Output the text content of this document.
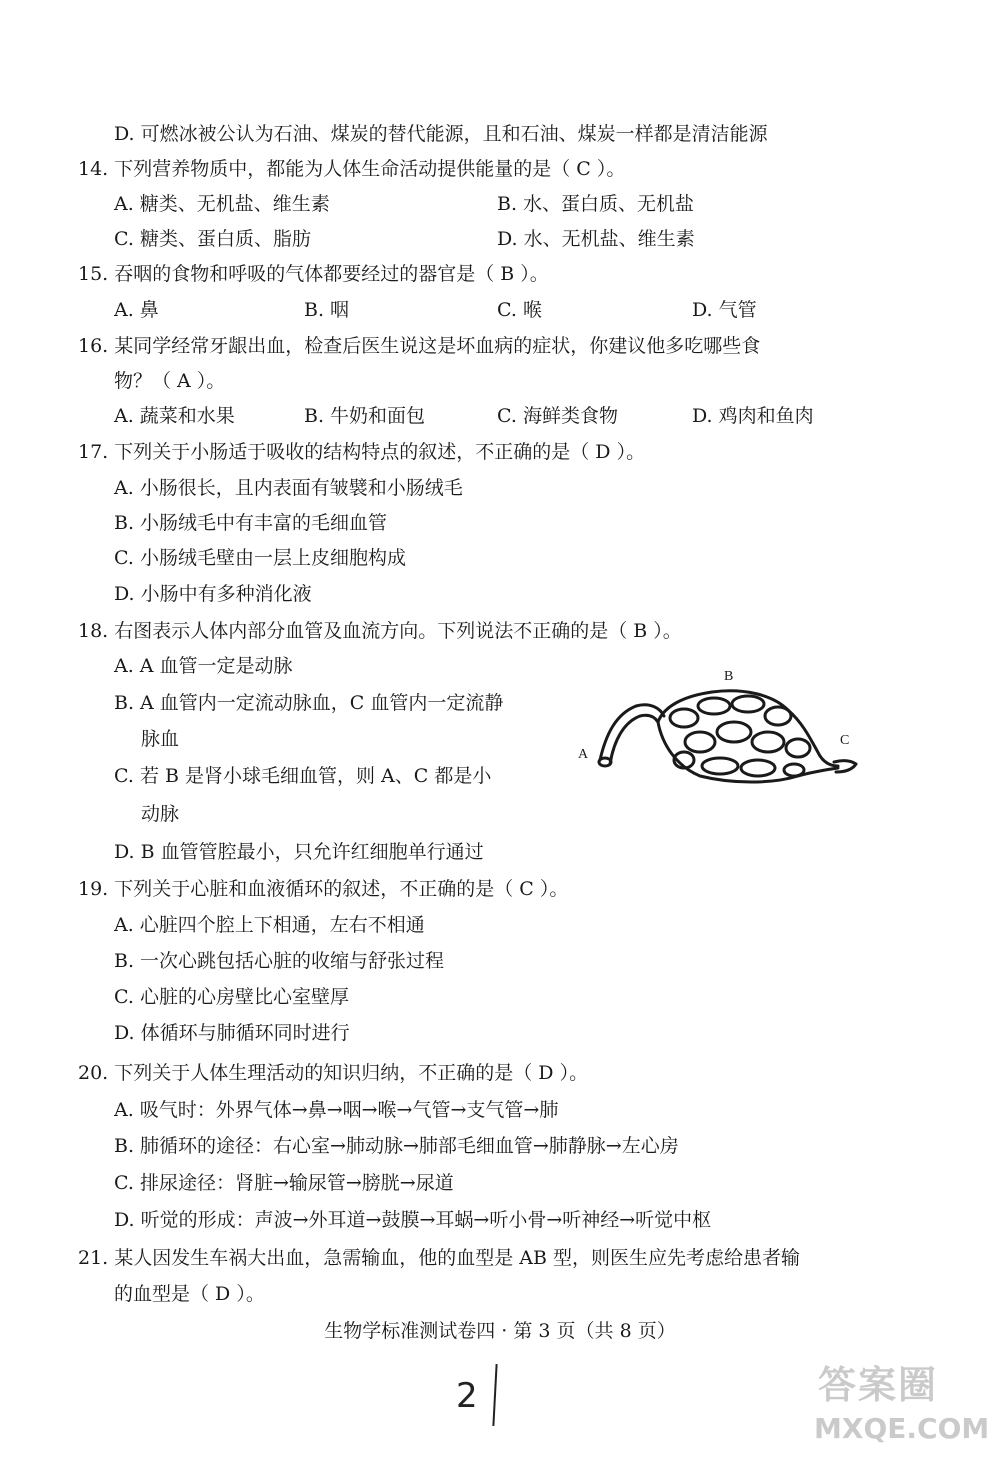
D. 可燃冰被公认为石油、煤炭的替代能源，且和石油、煤炭一样都是清洁能源
14. 下列营养物质中，都能为人体生命活动提供能量的是（ C ）。
A. 糖类、无机盐、维生素	B. 水、蛋白质、无机盐
C. 糖类、蛋白质、脂肪	D. 水、无机盐、维生素
15. 吞咽的食物和呼吸的气体都要经过的器官是（ B ）。
A. 鼻	B. 咽	C. 喉	D. 气管
16. 某同学经常牙龈出血，检查后医生说这是坏血病的症状，你建议他多吃哪些食
物？（ A ）。
A. 蔬菜和水果	B. 牛奶和面包	C. 海鲜类食物	D. 鸡肉和鱼肉
17. 下列关于小肠适于吸收的结构特点的叙述，不正确的是（ D ）。
A. 小肠很长，且内表面有皱襞和小肠绒毛
B. 小肠绒毛中有丰富的毛细血管
C. 小肠绒毛壁由一层上皮细胞构成
D. 小肠中有多种消化液
18. 右图表示人体内部分血管及血流方向。下列说法不正确的是（ B ）。
A. A 血管一定是动脉
B. A 血管内一定流动脉血，C 血管内一定流静
脉血
C. 若 B 是肾小球毛细血管，则 A、C 都是小
动脉
D. B 血管管腔最小，只允许红细胞单行通过
A
B
C
19. 下列关于心脏和血液循环的叙述，不正确的是（ C ）。
A. 心脏四个腔上下相通，左右不相通
B. 一次心跳包括心脏的收缩与舒张过程
C. 心脏的心房壁比心室壁厚
D. 体循环与肺循环同时进行
20. 下列关于人体生理活动的知识归纳，不正确的是（ D ）。
A. 吸气时：外界气体→鼻→咽→喉→气管→支气管→肺
B. 肺循环的途径：右心室→肺动脉→肺部毛细血管→肺静脉→左心房
C. 排尿途径：肾脏→输尿管→膀胱→尿道
D. 听觉的形成：声波→外耳道→鼓膜→耳蜗→听小骨→听神经→听觉中枢
21. 某人因发生车祸大出血，急需输血，他的血型是 AB 型，则医生应先考虑给患者输
的血型是（ D ）。
生物学标准测试卷四 · 第 3 页（共 8 页）
2	答案圈
MXQE.COM
